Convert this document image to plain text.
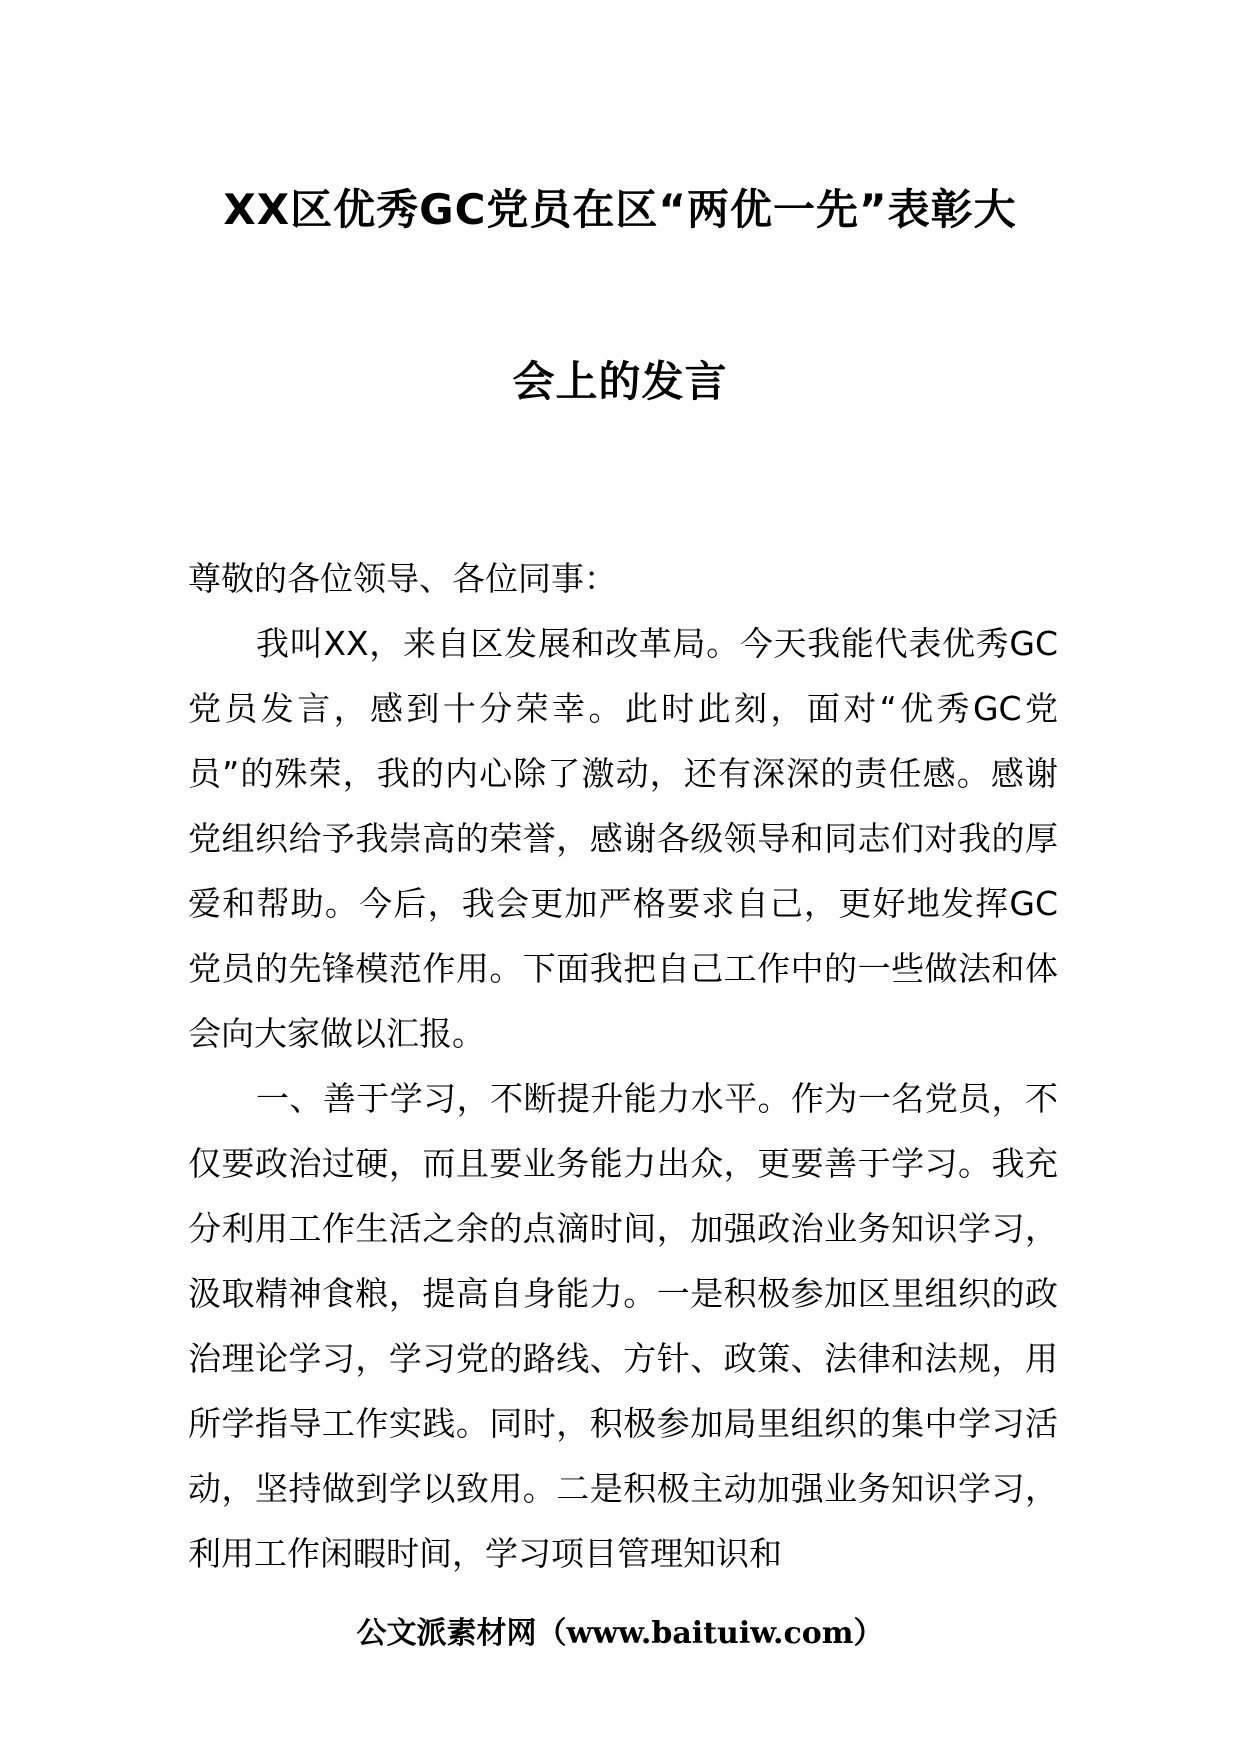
XX区优秀GC党员在区“两优一先”表彰大
会上的发言
尊敬的各位领导、各位同事：

我叫XX，来自区发展和改革局。今天我能代表优秀GC党员发言，感到十分荣幸。此时此刻，面对“优秀GC党员”的殊荣，我的内心除了激动，还有深深的责任感。感谢党组织给予我崇高的荣誉，感谢各级领导和同志们对我的厚爱和帮助。今后，我会更加严格要求自己，更好地发挥GC党员的先锋模范作用。下面我把自己工作中的一些做法和体会向大家做以汇报。

一、善于学习，不断提升能力水平。作为一名党员，不仅要政治过硬，而且要业务能力出众，更要善于学习。我充分利用工作生活之余的点滴时间，加强政治业务知识学习，汲取精神食粮，提高自身能力。一是积极参加区里组织的政治理论学习，学习党的路线、方针、政策、法律和法规，用所学指导工作实践。同时，积极参加局里组织的集中学习活动，坚持做到学以致用。二是积极主动加强业务知识学习，利用工作闲暇时间，学习项目管理知识和

公文派素材网（www.baituiw.com）
